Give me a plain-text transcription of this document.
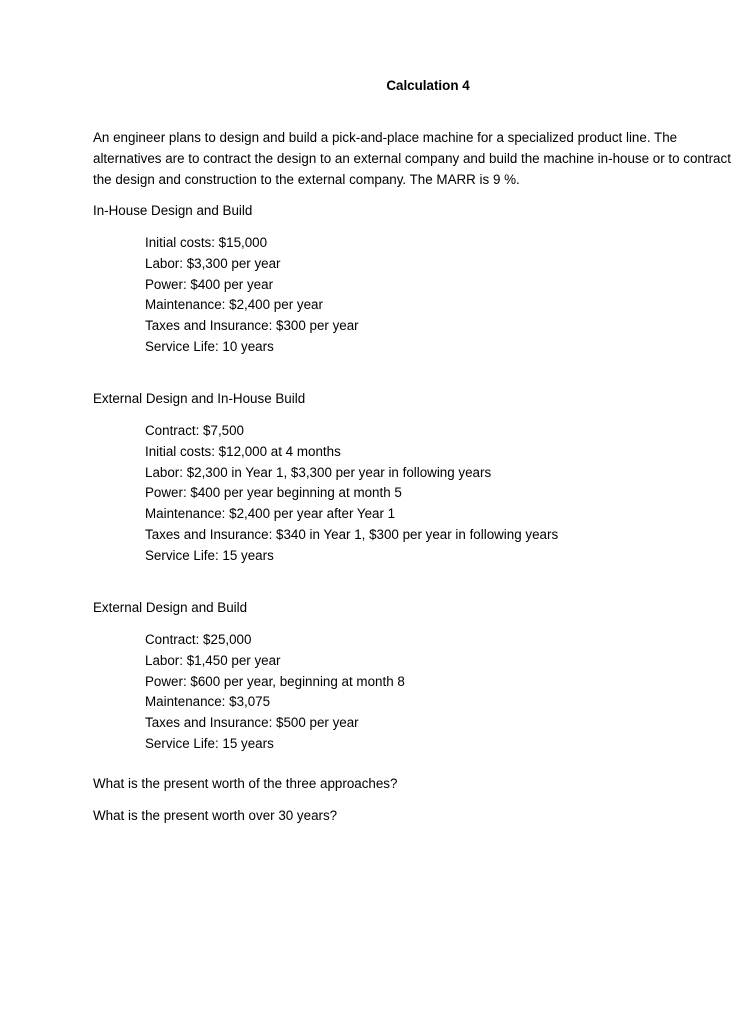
Calculation 4
An engineer plans to design and build a pick-and-place machine for a specialized product line. The alternatives are to contract the design to an external company and build the machine in-house or to contract the design and construction to the external company. The MARR is 9 %.
In-House Design and Build
Initial costs: $15,000
Labor: $3,300 per year
Power: $400 per year
Maintenance: $2,400 per year
Taxes and Insurance: $300 per year
Service Life: 10 years
External Design and In-House Build
Contract: $7,500
Initial costs: $12,000 at 4 months
Labor: $2,300 in Year 1, $3,300 per year in following years
Power: $400 per year beginning at month 5
Maintenance: $2,400 per year after Year 1
Taxes and Insurance: $340 in Year 1, $300 per year in following years
Service Life: 15 years
External Design and Build
Contract: $25,000
Labor: $1,450 per year
Power: $600 per year, beginning at month 8
Maintenance: $3,075
Taxes and Insurance: $500 per year
Service Life: 15 years
What is the present worth of the three approaches?
What is the present worth over 30 years?
